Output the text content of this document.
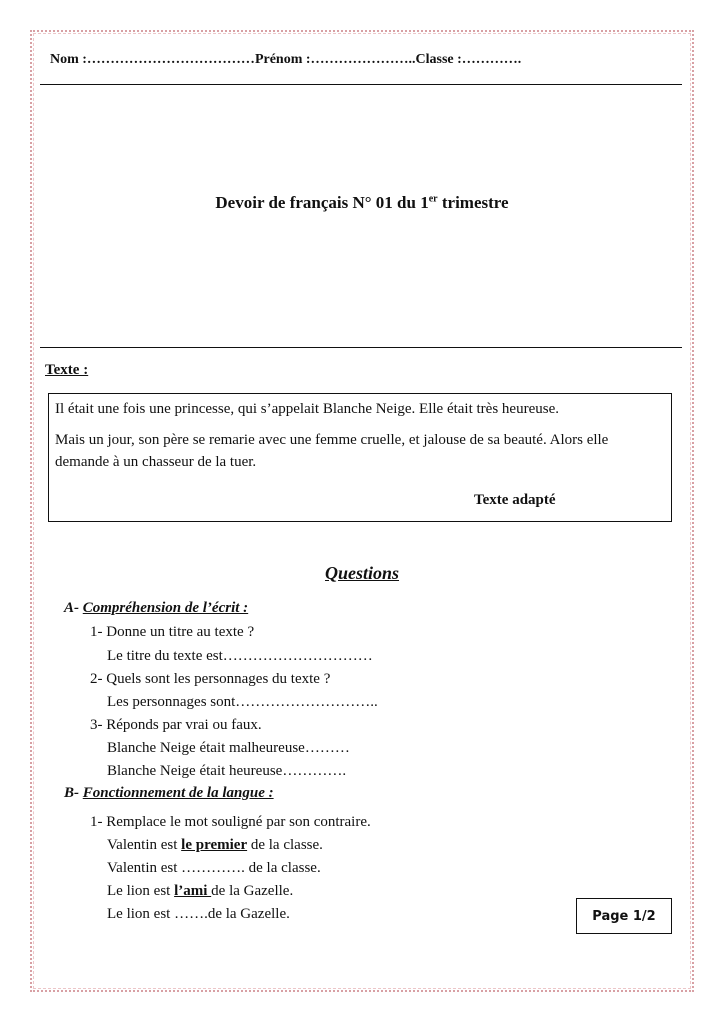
Nom :………………………………Prénom :…………………..Classe :………….
Devoir de français N° 01 du 1er trimestre
Texte :

Il était une fois une princesse, qui s’appelait Blanche Neige. Elle était très heureuse.

Mais un jour, son père se remarie avec une femme cruelle, et jalouse de sa beauté. Alors elle demande à un chasseur de la tuer.

Texte adapté
Questions
A- Compréhension de l’écrit :
1- Donne un titre au texte ?
Le titre du texte est…………………………
2- Quels sont les personnages du texte ?
Les personnages sont………………………..
3- Réponds par vrai ou faux.
Blanche Neige était malheureuse………
Blanche Neige était heureuse………….
B- Fonctionnement de la langue :
1- Remplace le mot souligné par son contraire.
Valentin est le premier de la classe.
Valentin est …………. de la classe.
Le lion est l’ami de la Gazelle.
Le lion est …….de la Gazelle.	Page 1/2
